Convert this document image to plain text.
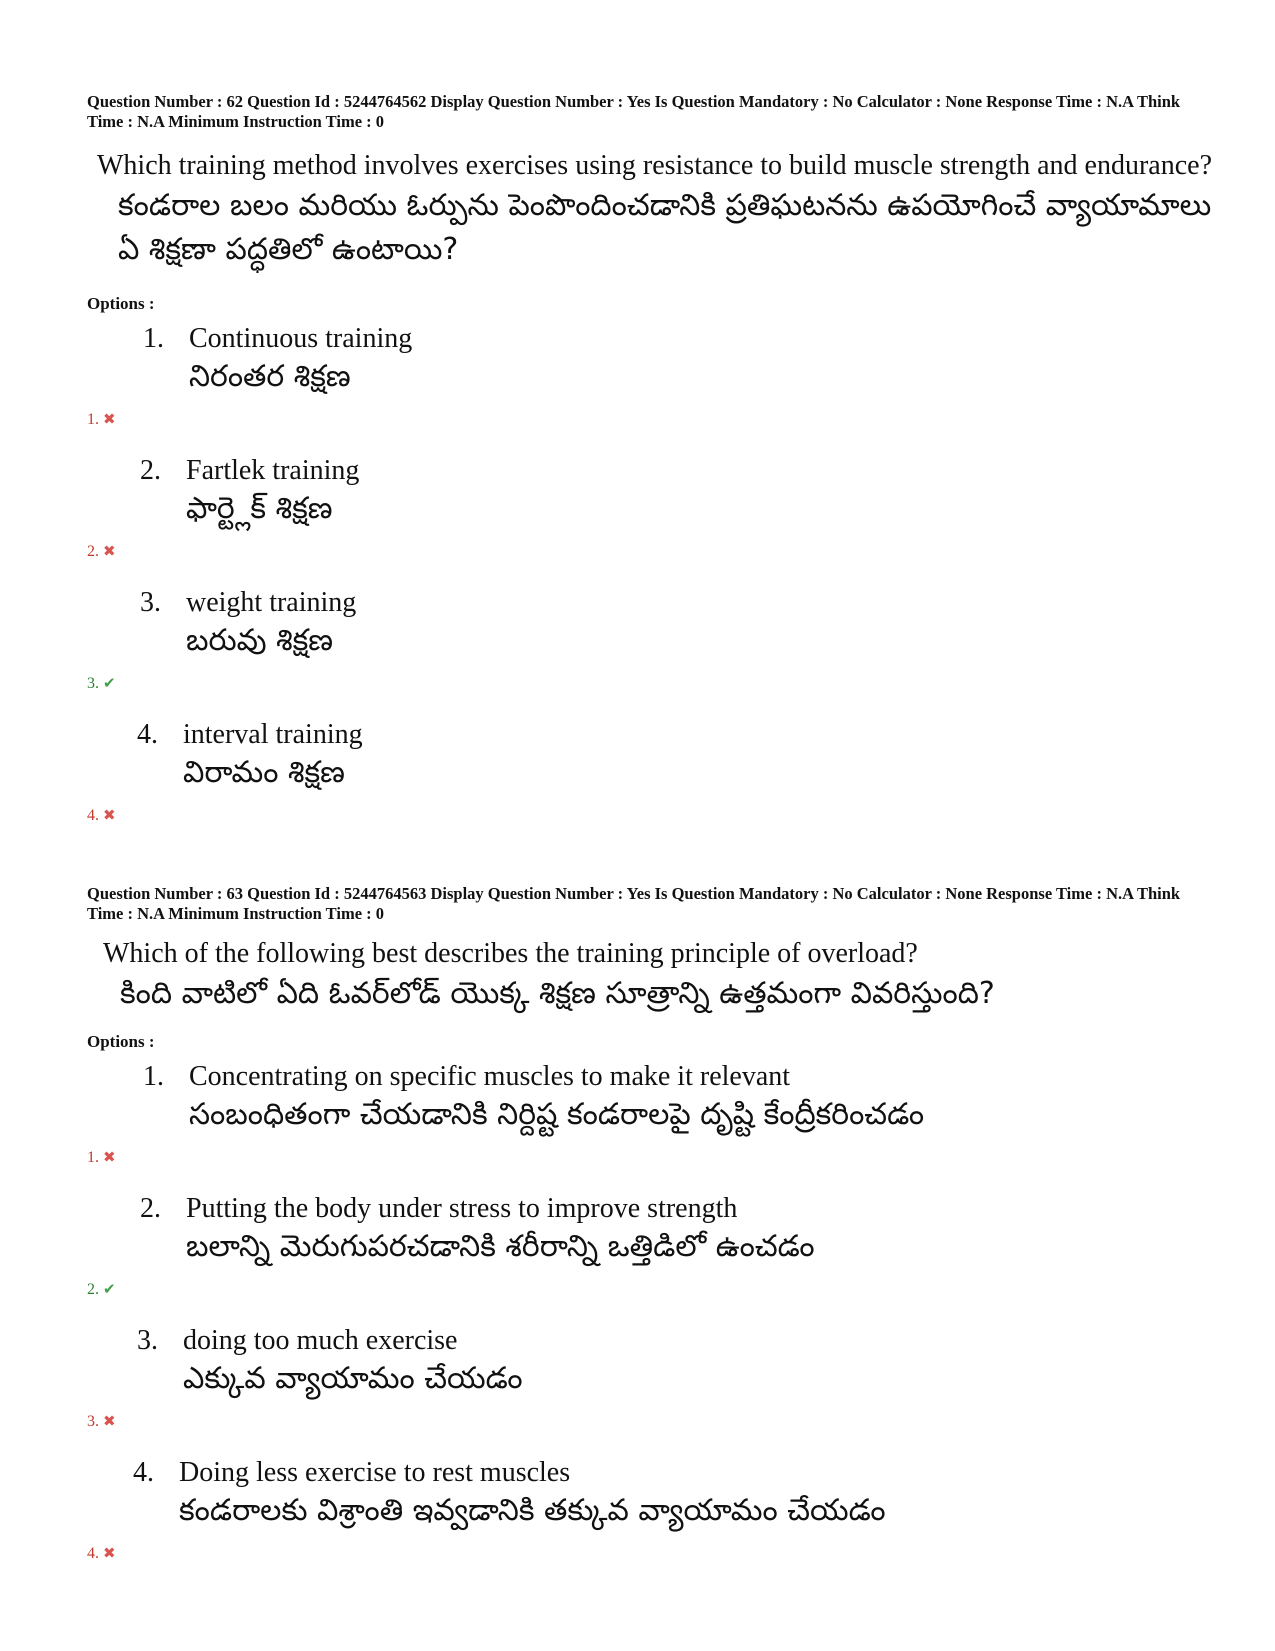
Question Number : 62 Question Id : 5244764562 Display Question Number : Yes Is Question Mandatory : No Calculator : None Response Time : N.A Think Time : N.A Minimum Instruction Time : 0
Which training method involves exercises using resistance to build muscle strength and endurance?
కండరాల బలం మరియు ఓర్పును పెంపొందించడానికి ప్రతిఘటనను ఉపయోగించే వ్యాయామాలు ఏ శిక్షణా పద్ధతిలో ఉంటాయి?
Options :
1. Continuous training
నిరంతర శిక్షణ
1. ✖
2. Fartlek training
ఫార్ట్లెక్ శిక్షణ
2. ✖
3. weight training
బరువు శిక్షణ
3. ✔
4. interval training
విరామం శిక్షణ
4. ✖
Question Number : 63 Question Id : 5244764563 Display Question Number : Yes Is Question Mandatory : No Calculator : None Response Time : N.A Think Time : N.A Minimum Instruction Time : 0
Which of the following best describes the training principle of overload?
కింది వాటిలో ఏది ఓవర్‌లోడ్ యొక్క శిక్షణ సూత్రాన్ని ఉత్తమంగా వివరిస్తుంది?
Options :
1. Concentrating on specific muscles to make it relevant
సంబంధితంగా చేయడానికి నిర్దిష్ట కండరాలపై దృష్టి కేంద్రీకరించడం
1. ✖
2. Putting the body under stress to improve strength
బలాన్ని మెరుగుపరచడానికి శరీరాన్ని ఒత్తిడిలో ఉంచడం
2. ✔
3. doing too much exercise
ఎక్కువ వ్యాయామం చేయడం
3. ✖
4. Doing less exercise to rest muscles
కండరాలకు విశ్రాంతి ఇవ్వడానికి తక్కువ వ్యాయామం చేయడం
4. ✖
